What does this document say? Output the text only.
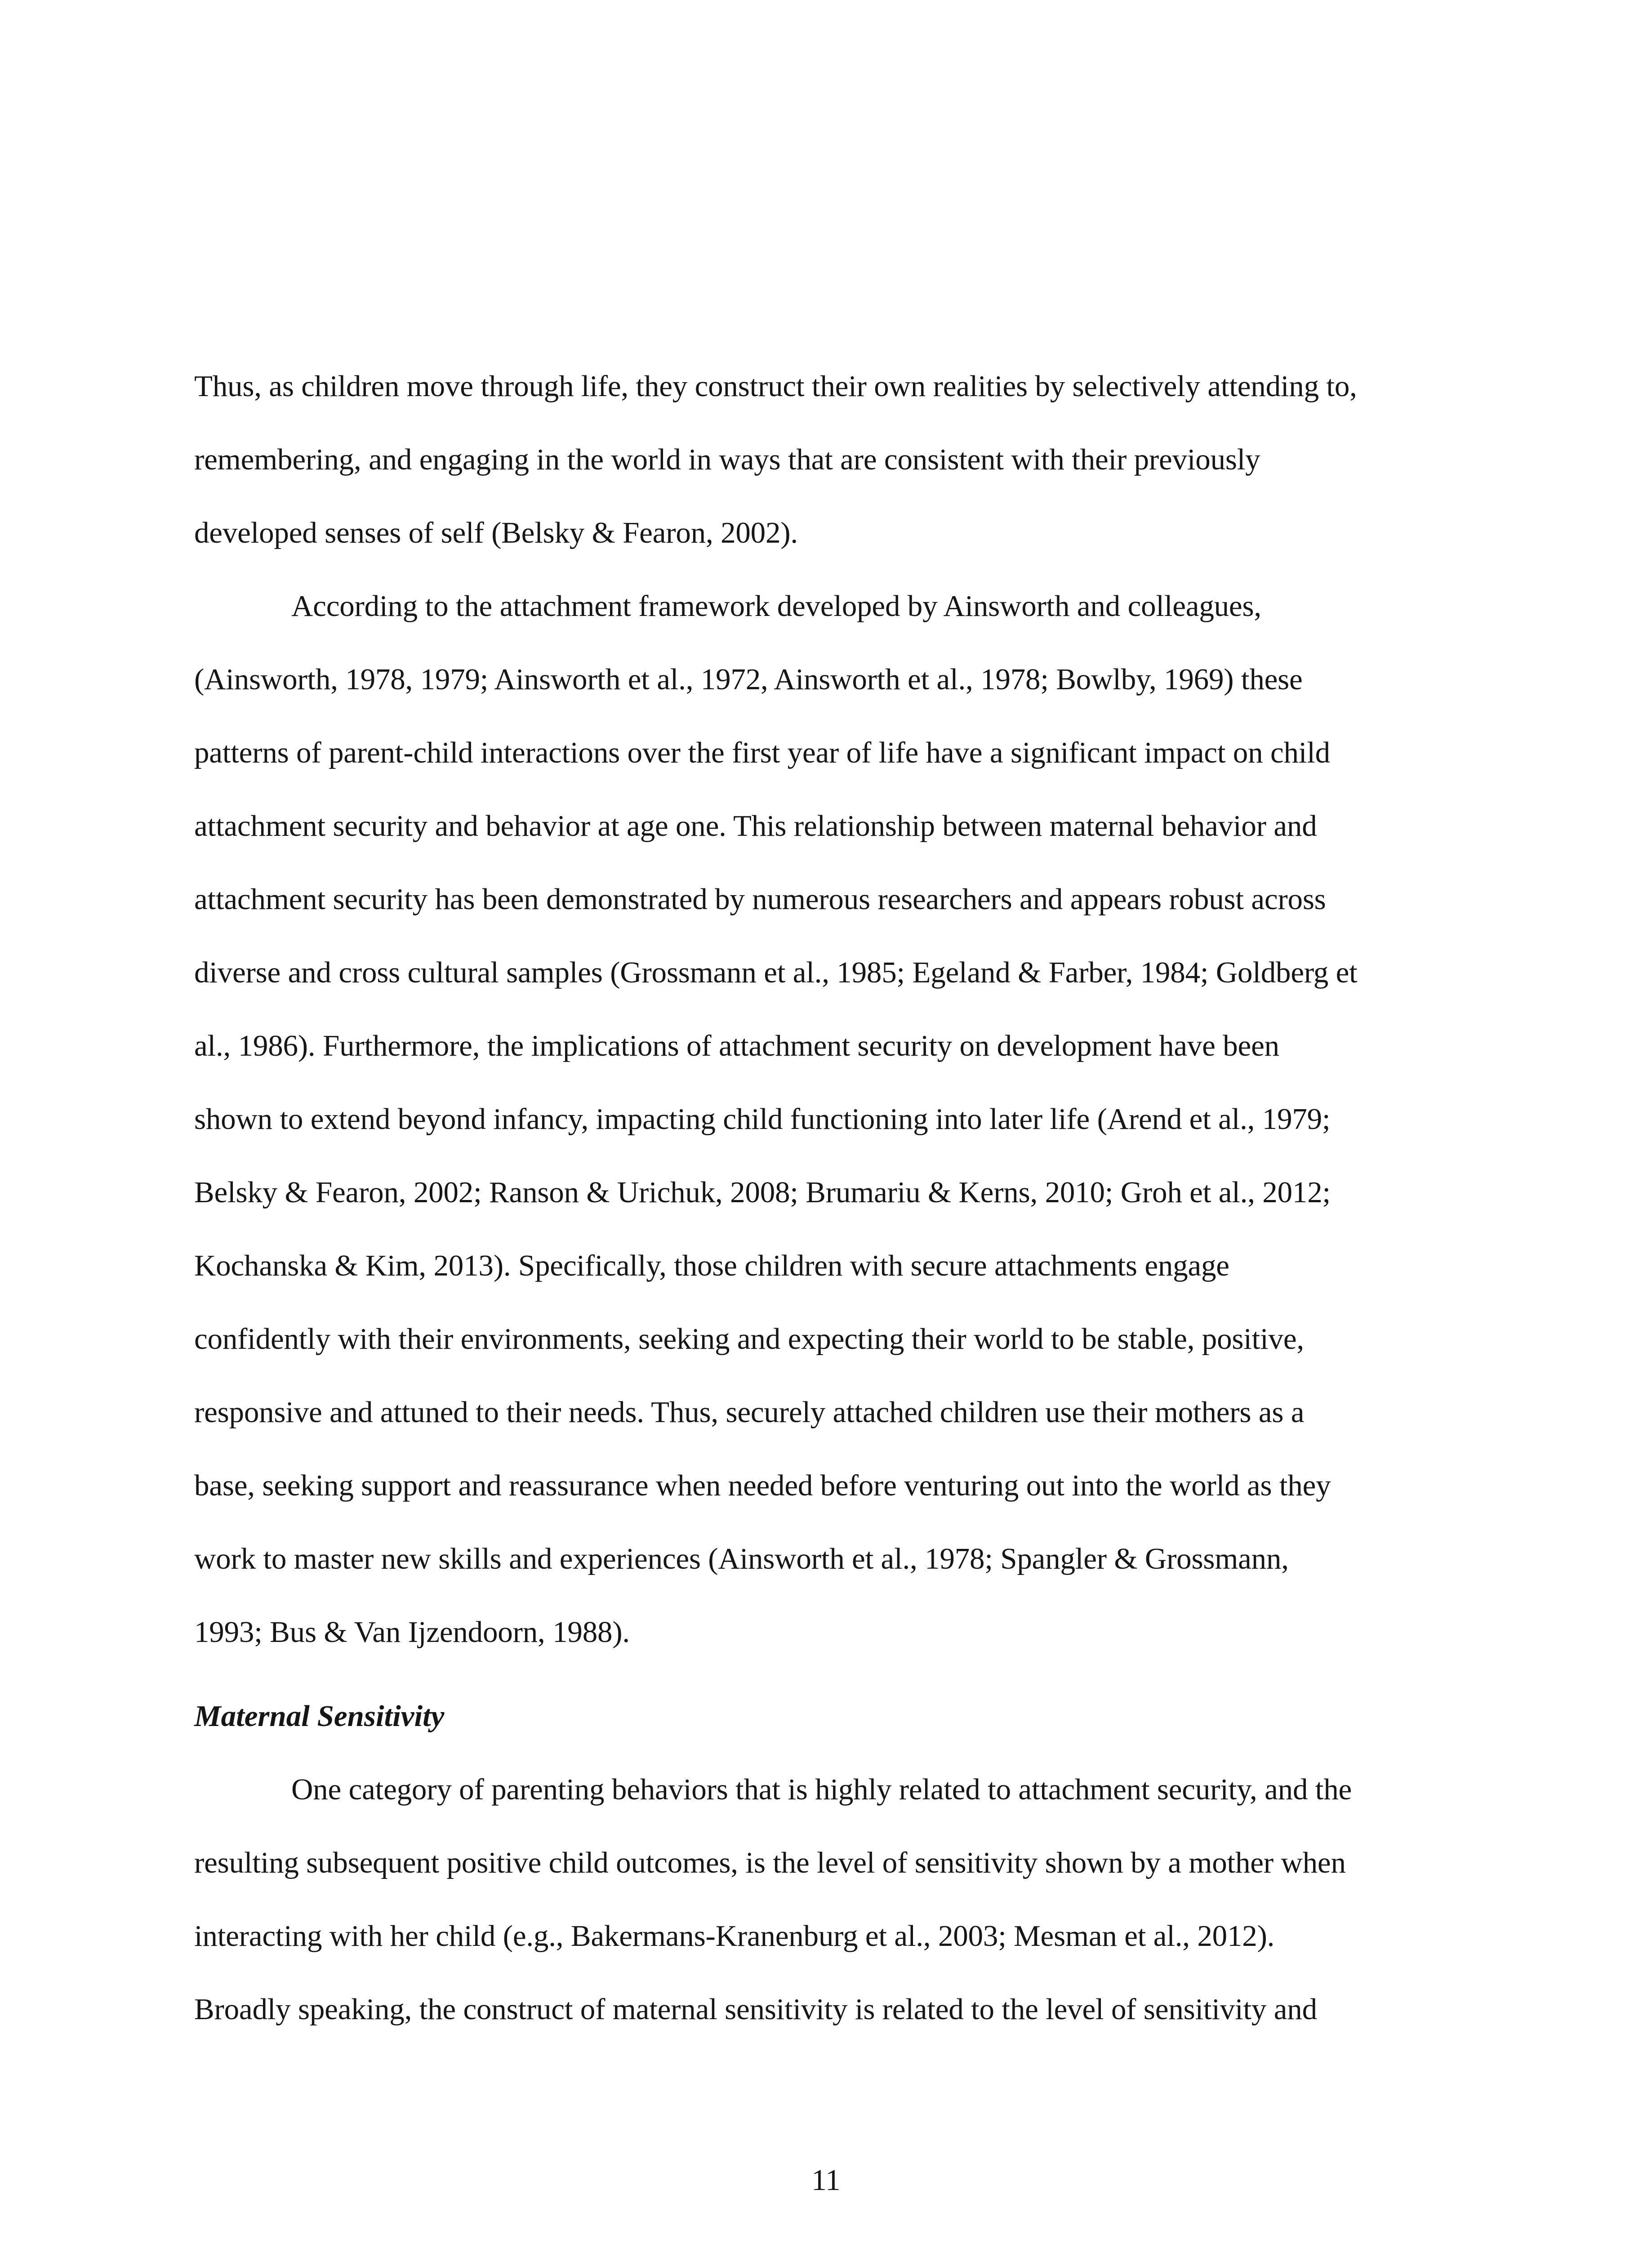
Thus, as children move through life, they construct their own realities by selectively attending to,
remembering, and engaging in the world in ways that are consistent with their previously
developed senses of self (Belsky & Fearon, 2002).
According to the attachment framework developed by Ainsworth and colleagues,
(Ainsworth, 1978, 1979; Ainsworth et al., 1972, Ainsworth et al., 1978; Bowlby, 1969) these
patterns of parent-child interactions over the first year of life have a significant impact on child
attachment security and behavior at age one. This relationship between maternal behavior and
attachment security has been demonstrated by numerous researchers and appears robust across
diverse and cross cultural samples (Grossmann et al., 1985; Egeland & Farber, 1984; Goldberg et
al., 1986). Furthermore, the implications of attachment security on development have been
shown to extend beyond infancy, impacting child functioning into later life (Arend et al., 1979;
Belsky & Fearon, 2002; Ranson & Urichuk, 2008; Brumariu & Kerns, 2010; Groh et al., 2012;
Kochanska & Kim, 2013). Specifically, those children with secure attachments engage
confidently with their environments, seeking and expecting their world to be stable, positive,
responsive and attuned to their needs. Thus, securely attached children use their mothers as a
base, seeking support and reassurance when needed before venturing out into the world as they
work to master new skills and experiences (Ainsworth et al., 1978; Spangler & Grossmann,
1993; Bus & Van Ijzendoorn, 1988).
Maternal Sensitivity
One category of parenting behaviors that is highly related to attachment security, and the
resulting subsequent positive child outcomes, is the level of sensitivity shown by a mother when
interacting with her child (e.g., Bakermans-Kranenburg et al., 2003; Mesman et al., 2012).
Broadly speaking, the construct of maternal sensitivity is related to the level of sensitivity and
11
